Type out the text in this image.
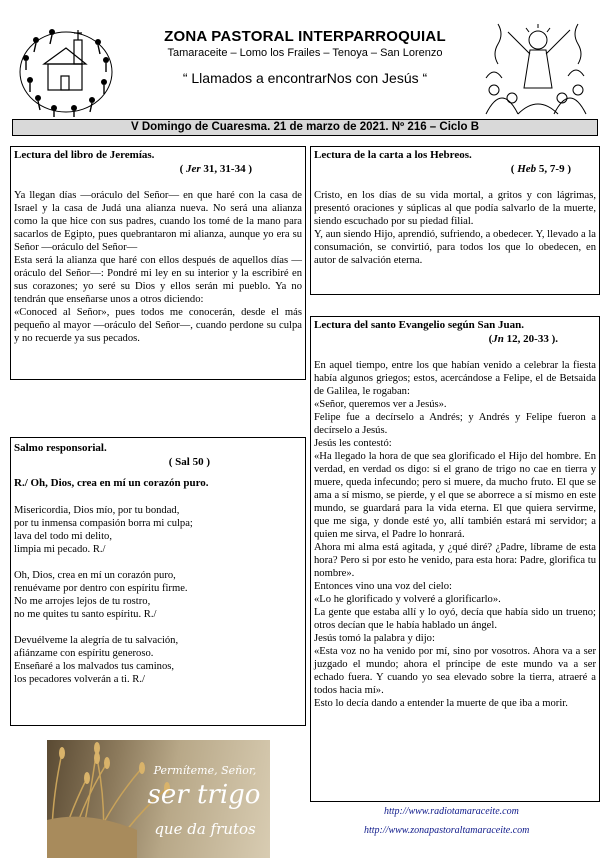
ZONA PASTORAL INTERPARROQUIAL
Tamaraceite – Lomo los Frailes – Tenoya – San Lorenzo
“ Llamados a encontrarNos con Jesús “
V Domingo de Cuaresma. 21 de marzo de 2021. Nº 216 – Ciclo B
Lectura del libro de Jeremías.
( Jer 31, 31-34 )

Ya llegan días —oráculo del Señor— en que haré con la casa de Israel y la casa de Judá una alianza nueva. No será una alianza como la que hice con sus padres, cuando los tomé de la mano para sacarlos de Egipto, pues quebrantaron mi alianza, aunque yo era su Señor —oráculo del Señor—

Esta será la alianza que haré con ellos después de aquellos días —oráculo del Señor—: Pondré mi ley en su interior y la escribiré en sus corazones; yo seré su Dios y ellos serán mi pueblo. Ya no tendrán que enseñarse unos a otros diciendo:

«Conoced al Señor», pues todos me conocerán, desde el más pequeño al mayor —oráculo del Señor—, cuando perdone su culpa y no recuerde ya sus pecados.

Salmo responsorial.
( Sal 50 )
R./ Oh, Dios, crea en mí un corazón puro.
Misericordia, Dios mío, por tu bondad,
por tu inmensa compasión borra mi culpa;
lava del todo mi delito,
limpia mi pecado. R./
Oh, Dios, crea en mí un corazón puro,
renuévame por dentro con espíritu firme.
No me arrojes lejos de tu rostro,
no me quites tu santo espíritu. R./
Devuélveme la alegría de tu salvación,
afiánzame con espíritu generoso.
Enseñaré a los malvados tus caminos,
los pecadores volverán a ti. R./
Permíteme, Señor,
ser trigo
que da frutos
Lectura de la carta a los Hebreos.
( Heb 5, 7-9 )

Cristo, en los días de su vida mortal, a gritos y con lágrimas, presentó oraciones y súplicas al que podía salvarlo de la muerte, siendo escuchado por su piedad filial.

Y, aun siendo Hijo, aprendió, sufriendo, a obedecer. Y, llevado a la consumación, se convirtió, para todos los que lo obedecen, en autor de salvación eterna.

Lectura del santo Evangelio según San Juan.
(Jn 12, 20-33 ).

En aquel tiempo, entre los que habían venido a celebrar la fiesta había algunos griegos; estos, acercándose a Felipe, el de Betsaida de Galilea, le rogaban:

«Señor, queremos ver a Jesús».

Felipe fue a decírselo a Andrés; y Andrés y Felipe fueron a decírselo a Jesús.

Jesús les contestó:

«Ha llegado la hora de que sea glorificado el Hijo del hombre. En verdad, en verdad os digo: si el grano de trigo no cae en tierra y muere, queda infecundo; pero si muere, da mucho fruto. El que se ama a sí mismo, se pierde, y el que se aborrece a sí mismo en este mundo, se guardará para la vida eterna. El que quiera servirme, que me siga, y donde esté yo, allí también estará mi servidor; a quien me sirva, el Padre lo honrará.

Ahora mi alma está agitada, y ¿qué diré? ¿Padre, líbrame de esta hora? Pero si por esto he venido, para esta hora: Padre, glorifica tu nombre».

Entonces vino una voz del cielo:

«Lo he glorificado y volveré a glorificarlo».

La gente que estaba allí y lo oyó, decía que había sido un trueno; otros decían que le había hablado un ángel.

Jesús tomó la palabra y dijo:

«Esta voz no ha venido por mí, sino por vosotros. Ahora va a ser juzgado el mundo; ahora el príncipe de este mundo va a ser echado fuera. Y cuando yo sea elevado sobre la tierra, atraeré a todos hacia mí».

Esto lo decía dando a entender la muerte de que iba a morir.

http://www.radiotamaraceite.com
http://www.zonapastoraltamaraceite.com
